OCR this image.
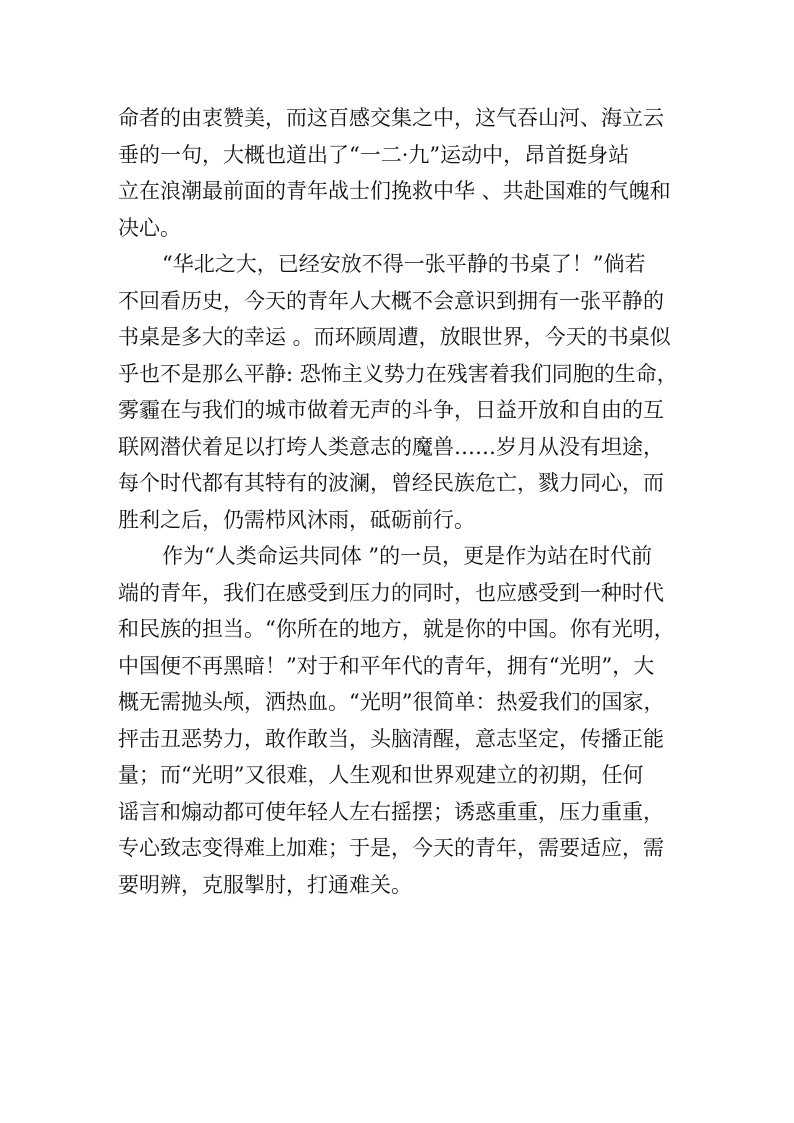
命者的由衷赞美，而这百感交集之中，这气吞山河、海立云
垂的一句，大概也道出了“一二·九”运动中，昂首挺身站
立在浪潮最前面的青年战士们挽救中华 、共赴国难的气魄和
决心。
“华北之大，已经安放不得一张平静的书桌了！”倘若
不回看历史，今天的青年人大概不会意识到拥有一张平静的
书桌是多大的幸运 。而环顾周遭，放眼世界，今天的书桌似
乎也不是那么平静: 恐怖主义势力在残害着我们同胞的生命，
雾霾在与我们的城市做着无声的斗争，日益开放和自由的互
联网潜伏着足以打垮人类意志的魔兽……岁月从没有坦途，
每个时代都有其特有的波澜，曾经民族危亡，戮力同心，而
胜利之后，仍需栉风沐雨，砥砺前行。
作为“人类命运共同体 ”的一员，更是作为站在时代前
端的青年，我们在感受到压力的同时，也应感受到一种时代
和民族的担当。“你所在的地方，就是你的中国。你有光明，
中国便不再黑暗！”对于和平年代的青年，拥有“光明”，大
概无需抛头颅，洒热血。“光明”很简单：热爱我们的国家，
抨击丑恶势力，敢作敢当，头脑清醒，意志坚定，传播正能
量；而“光明”又很难，人生观和世界观建立的初期，任何
谣言和煽动都可使年轻人左右摇摆；诱惑重重，压力重重，
专心致志变得难上加难；于是，今天的青年，需要适应，需
要明辨，克服掣肘，打通难关。
